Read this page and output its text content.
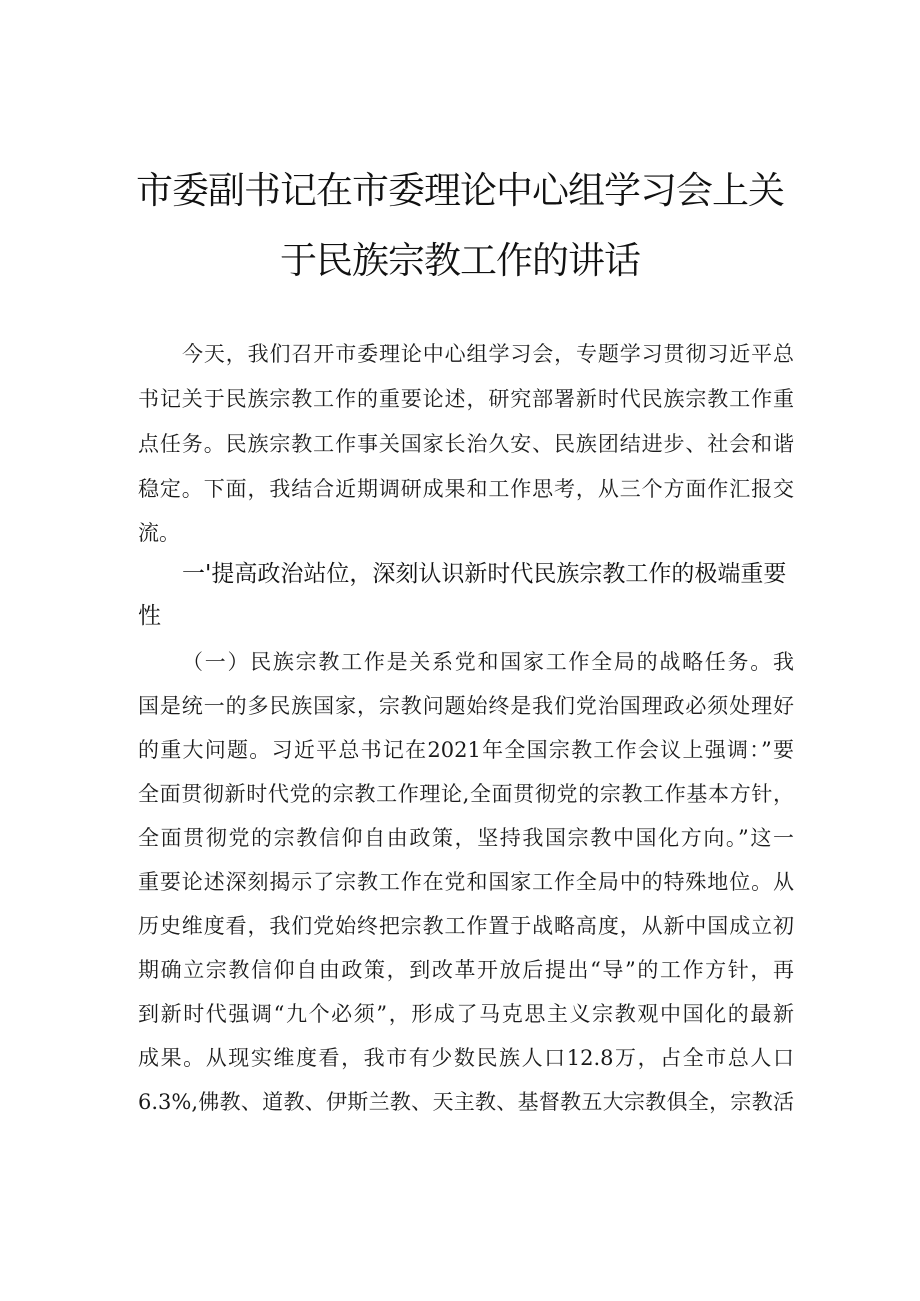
市委副书记在市委理论中心组学习会上关
于民族宗教工作的讲话
今天，我们召开市委理论中心组学习会，专题学习贯彻习近平总
书记关于民族宗教工作的重要论述，研究部署新时代民族宗教工作重
点任务。民族宗教工作事关国家长治久安、民族团结进步、社会和谐
稳定。下面，我结合近期调研成果和工作思考，从三个方面作汇报交
流。
一'提高政治站位，深刻认识新时代民族宗教工作的极端重要
性
（一）民族宗教工作是关系党和国家工作全局的战略任务。我
国是统一的多民族国家，宗教问题始终是我们党治国理政必须处理好
的重大问题。习近平总书记在2021年全国宗教工作会议上强调：”要
全面贯彻新时代党的宗教工作理论,全面贯彻党的宗教工作基本方针，
全面贯彻党的宗教信仰自由政策，坚持我国宗教中国化方向。”这一
重要论述深刻揭示了宗教工作在党和国家工作全局中的特殊地位。从
历史维度看，我们党始终把宗教工作置于战略高度，从新中国成立初
期确立宗教信仰自由政策，到改革开放后提出“导”的工作方针，再
到新时代强调“九个必须”，形成了马克思主义宗教观中国化的最新
成果。从现实维度看，我市有少数民族人口12.8万，占全市总人口
6.3%,佛教、道教、伊斯兰教、天主教、基督教五大宗教俱全，宗教活
